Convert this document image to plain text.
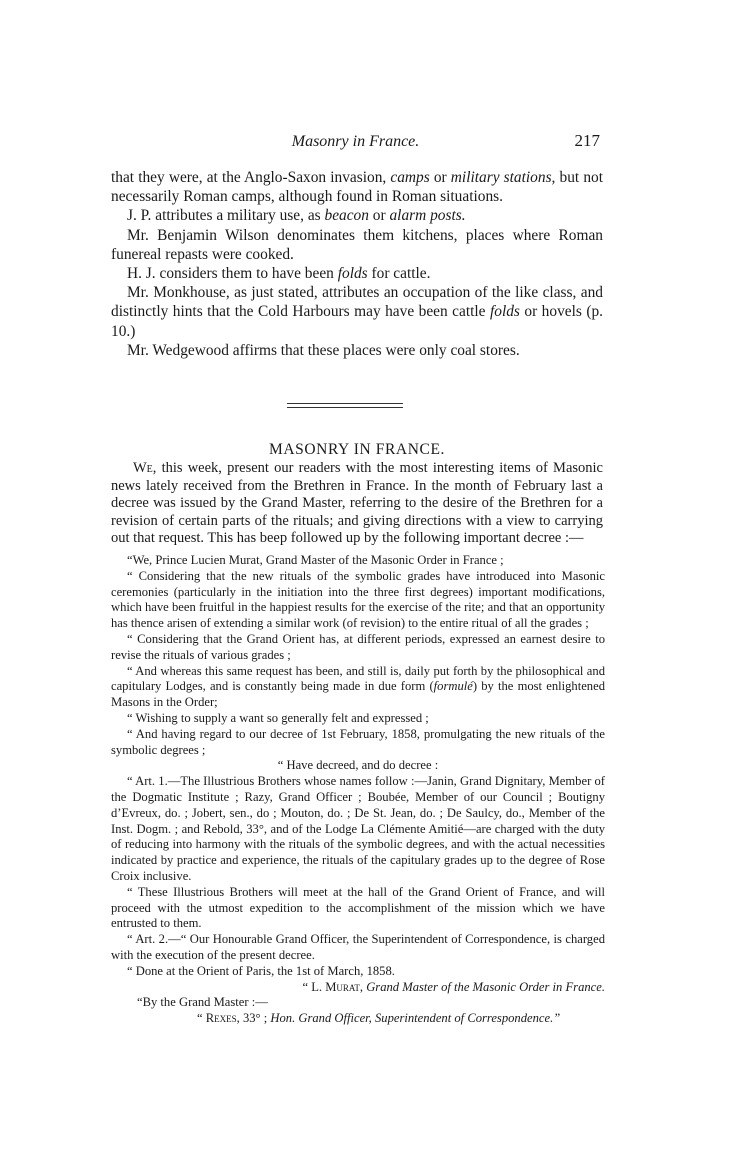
Masonry in France.	217

that they were, at the Anglo-Saxon invasion, camps or military stations, but not necessarily Roman camps, although found in Roman situations.

J. P. attributes a military use, as beacon or alarm posts.

Mr. Benjamin Wilson denominates them kitchens, places where Roman funereal repasts were cooked.

H. J. considers them to have been folds for cattle.

Mr. Monkhouse, as just stated, attributes an occupation of the like class, and distinctly hints that the Cold Harbours may have been cattle folds or hovels (p. 10.)

Mr. Wedgewood affirms that these places were only coal stores.

MASONRY IN FRANCE.

We, this week, present our readers with the most interesting items of Masonic news lately received from the Brethren in France. In the month of February last a decree was issued by the Grand Master, referring to the desire of the Brethren for a revision of certain parts of the rituals; and giving directions with a view to carrying out that request. This has beep followed up by the following important decree :—

“We, Prince Lucien Murat, Grand Master of the Masonic Order in France ;

“ Considering that the new rituals of the symbolic grades have introduced into Masonic ceremonies (particularly in the initiation into the three first degrees) important modifications, which have been fruitful in the happiest results for the exercise of the rite; and that an opportunity has thence arisen of extending a similar work (of revision) to the entire ritual of all the grades ;

“ Considering that the Grand Orient has, at different periods, expressed an earnest desire to revise the rituals of various grades ;

“ And whereas this same request has been, and still is, daily put forth by the philosophical and capitulary Lodges, and is constantly being made in due form (formulé) by the most enlightened Masons in the Order;

“ Wishing to supply a want so generally felt and expressed ;

“ And having regard to our decree of 1st February, 1858, promulgating the new rituals of the symbolic degrees ;

“ Have decreed, and do decree :

“ Art. 1.—The Illustrious Brothers whose names follow :—Janin, Grand Dignitary, Member of the Dogmatic Institute ; Razy, Grand Officer ; Boubée, Member of our Council ; Boutigny d’Evreux, do. ; Jobert, sen., do ; Mouton, do. ; De St. Jean, do. ; De Saulcy, do., Member of the Inst. Dogm. ; and Rebold, 33°, and of the Lodge La Clémente Amitié—are charged with the duty of reducing into harmony with the rituals of the symbolic degrees, and with the actual necessities indicated by practice and experience, the rituals of the capitulary grades up to the degree of Rose Croix inclusive.

“ These Illustrious Brothers will meet at the hall of the Grand Orient of France, and will proceed with the utmost expedition to the accomplishment of the mission which we have entrusted to them.

“ Art. 2.—“ Our Honourable Grand Officer, the Superintendent of Correspondence, is charged with the execution of the present decree.

“ Done at the Orient of Paris, the 1st of March, 1858.

“ L. Murat, Grand Master of the Masonic Order in France.

“By the Grand Master :—

“ Rexes, 33° ; Hon. Grand Officer, Superintendent of Correspondence.”
